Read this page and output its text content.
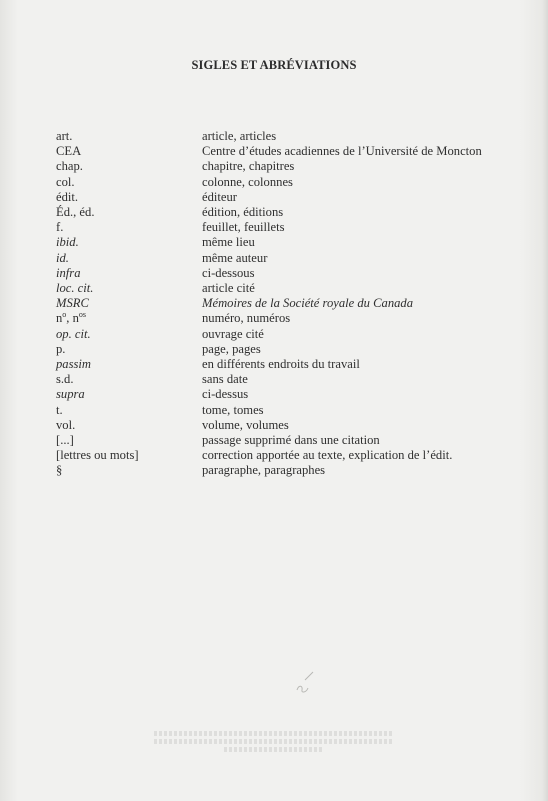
SIGLES ET ABRÉVIATIONS
art.	article, articles
CEA	Centre d’études acadiennes de l’Université de Moncton
chap.	chapitre, chapitres
col.	colonne, colonnes
édit.	éditeur
Éd., éd.	édition, éditions
f.	feuillet, feuillets
ibid.	même lieu
id.	même auteur
infra	ci-dessous
loc. cit.	article cité
MSRC	Mémoires de la Société royale du Canada
$n^o$, $n^{os}$	numéro, numéros
op. cit.	ouvrage cité
p.	page, pages
passim	en différents endroits du travail
s.d.	sans date
supra	ci-dessus
t.	tome, tomes
vol.	volume, volumes
[...]	passage supprimé dans une citation
[lettres ou mots]	correction apportée au texte, explication de l’édit.
§	paragraphe, paragraphes
